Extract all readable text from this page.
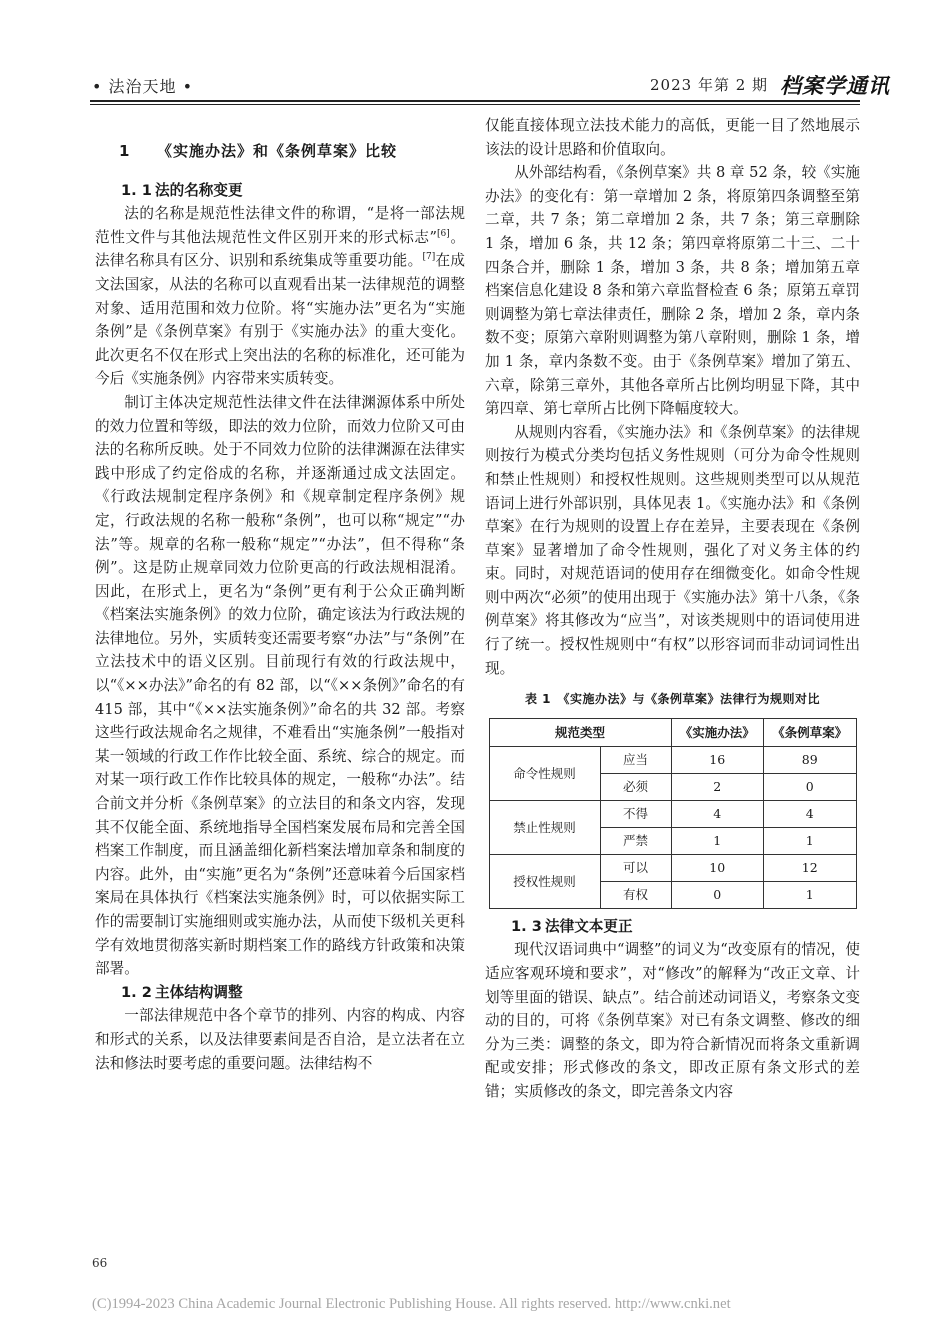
• 法治天地 •	2023 年第 2 期 档案学通讯
1 《实施办法》和《条例草案》比较
1. 1 法的名称变更

法的名称是规范性法律文件的称谓，“是将一部法规范性文件与其他法规范性文件区别开来的形式标志”[6]。法律名称具有区分、识别和系统集成等重要功能。[7]在成文法国家，从法的名称可以直观看出某一法律规范的调整对象、适用范围和效力位阶。将“实施办法”更名为“实施条例”是《条例草案》有别于《实施办法》的重大变化。此次更名不仅在形式上突出法的名称的标准化，还可能为今后《实施条例》内容带来实质转变。

制订主体决定规范性法律文件在法律渊源体系中所处的效力位置和等级，即法的效力位阶，而效力位阶又可由法的名称所反映。处于不同效力位阶的法律渊源在法律实践中形成了约定俗成的名称，并逐渐通过成文法固定。《行政法规制定程序条例》和《规章制定程序条例》规定，行政法规的名称一般称“条例”，也可以称“规定”“办法”等。规章的名称一般称“规定”“办法”，但不得称“条例”。这是防止规章同效力位阶更高的行政法规相混淆。因此，在形式上，更名为“条例”更有利于公众正确判断《档案法实施条例》的效力位阶，确定该法为行政法规的法律地位。另外，实质转变还需要考察“办法”与“条例”在立法技术中的语义区别。目前现行有效的行政法规中，以“《××办法》”命名的有 82 部，以“《××条例》”命名的有 415 部，其中“《××法实施条例》”命名的共 32 部。考察这些行政法规命名之规律，不难看出“实施条例”一般指对某一领域的行政工作作比较全面、系统、综合的规定。而对某一项行政工作作比较具体的规定，一般称“办法”。结合前文并分析《条例草案》的立法目的和条文内容，发现其不仅能全面、系统地指导全国档案发展布局和完善全国档案工作制度，而且涵盖细化新档案法增加章条和制度的内容。此外，由“实施”更名为“条例”还意味着今后国家档案局在具体执行《档案法实施条例》时，可以依据实际工作的需要制订实施细则或实施办法，从而使下级机关更科学有效地贯彻落实新时期档案工作的路线方针政策和决策部署。

1. 2 主体结构调整

一部法律规范中各个章节的排列、内容的构成、内容和形式的关系，以及法律要素间是否自洽，是立法者在立法和修法时要考虑的重要问题。法律结构不

仅能直接体现立法技术能力的高低，更能一目了然地展示该法的设计思路和价值取向。

从外部结构看，《条例草案》共 8 章 52 条，较《实施办法》的变化有：第一章增加 2 条，将原第四条调整至第二章，共 7 条；第二章增加 2 条，共 7 条；第三章删除 1 条，增加 6 条，共 12 条；第四章将原第二十三、二十四条合并，删除 1 条，增加 3 条，共 8 条；增加第五章档案信息化建设 8 条和第六章监督检查 6 条；原第五章罚则调整为第七章法律责任，删除 2 条，增加 2 条，章内条数不变；原第六章附则调整为第八章附则，删除 1 条，增加 1 条，章内条数不变。由于《条例草案》增加了第五、六章，除第三章外，其他各章所占比例均明显下降，其中第四章、第七章所占比例下降幅度较大。

从规则内容看，《实施办法》和《条例草案》的法律规则按行为模式分类均包括义务性规则（可分为命令性规则和禁止性规则）和授权性规则。这些规则类型可以从规范语词上进行外部识别，具体见表 1。《实施办法》和《条例草案》在行为规则的设置上存在差异，主要表现在《条例草案》显著增加了命令性规则，强化了对义务主体的约束。同时，对规范语词的使用存在细微变化。如命令性规则中两次“必须”的使用出现于《实施办法》第十八条，《条例草案》将其修改为“应当”，对该类规则中的语词使用进行了统一。授权性规则中“有权”以形容词而非动词词性出现。

表 1　《实施办法》与《条例草案》法律行为规则对比
规范类型		《实施办法》	《条例草案》
命令性规则	应当	16	89
	必须	2	0
禁止性规则	不得	4	4
	严禁	1	1
授权性规则	可以	10	12
	有权	0	1
1. 3 法律文本更正

现代汉语词典中“调整”的词义为“改变原有的情况，使适应客观环境和要求”，对“修改”的解释为“改正文章、计划等里面的错误、缺点”。结合前述动词语义，考察条文变动的目的，可将《条例草案》对已有条文调整、修改的细分为三类：调整的条文，即为符合新情况而将条文重新调配或安排；形式修改的条文，即改正原有条文形式的差错；实质修改的条文，即完善条文内容

66
(C)1994-2023 China Academic Journal Electronic Publishing House. All rights reserved. http://www.cnki.net
